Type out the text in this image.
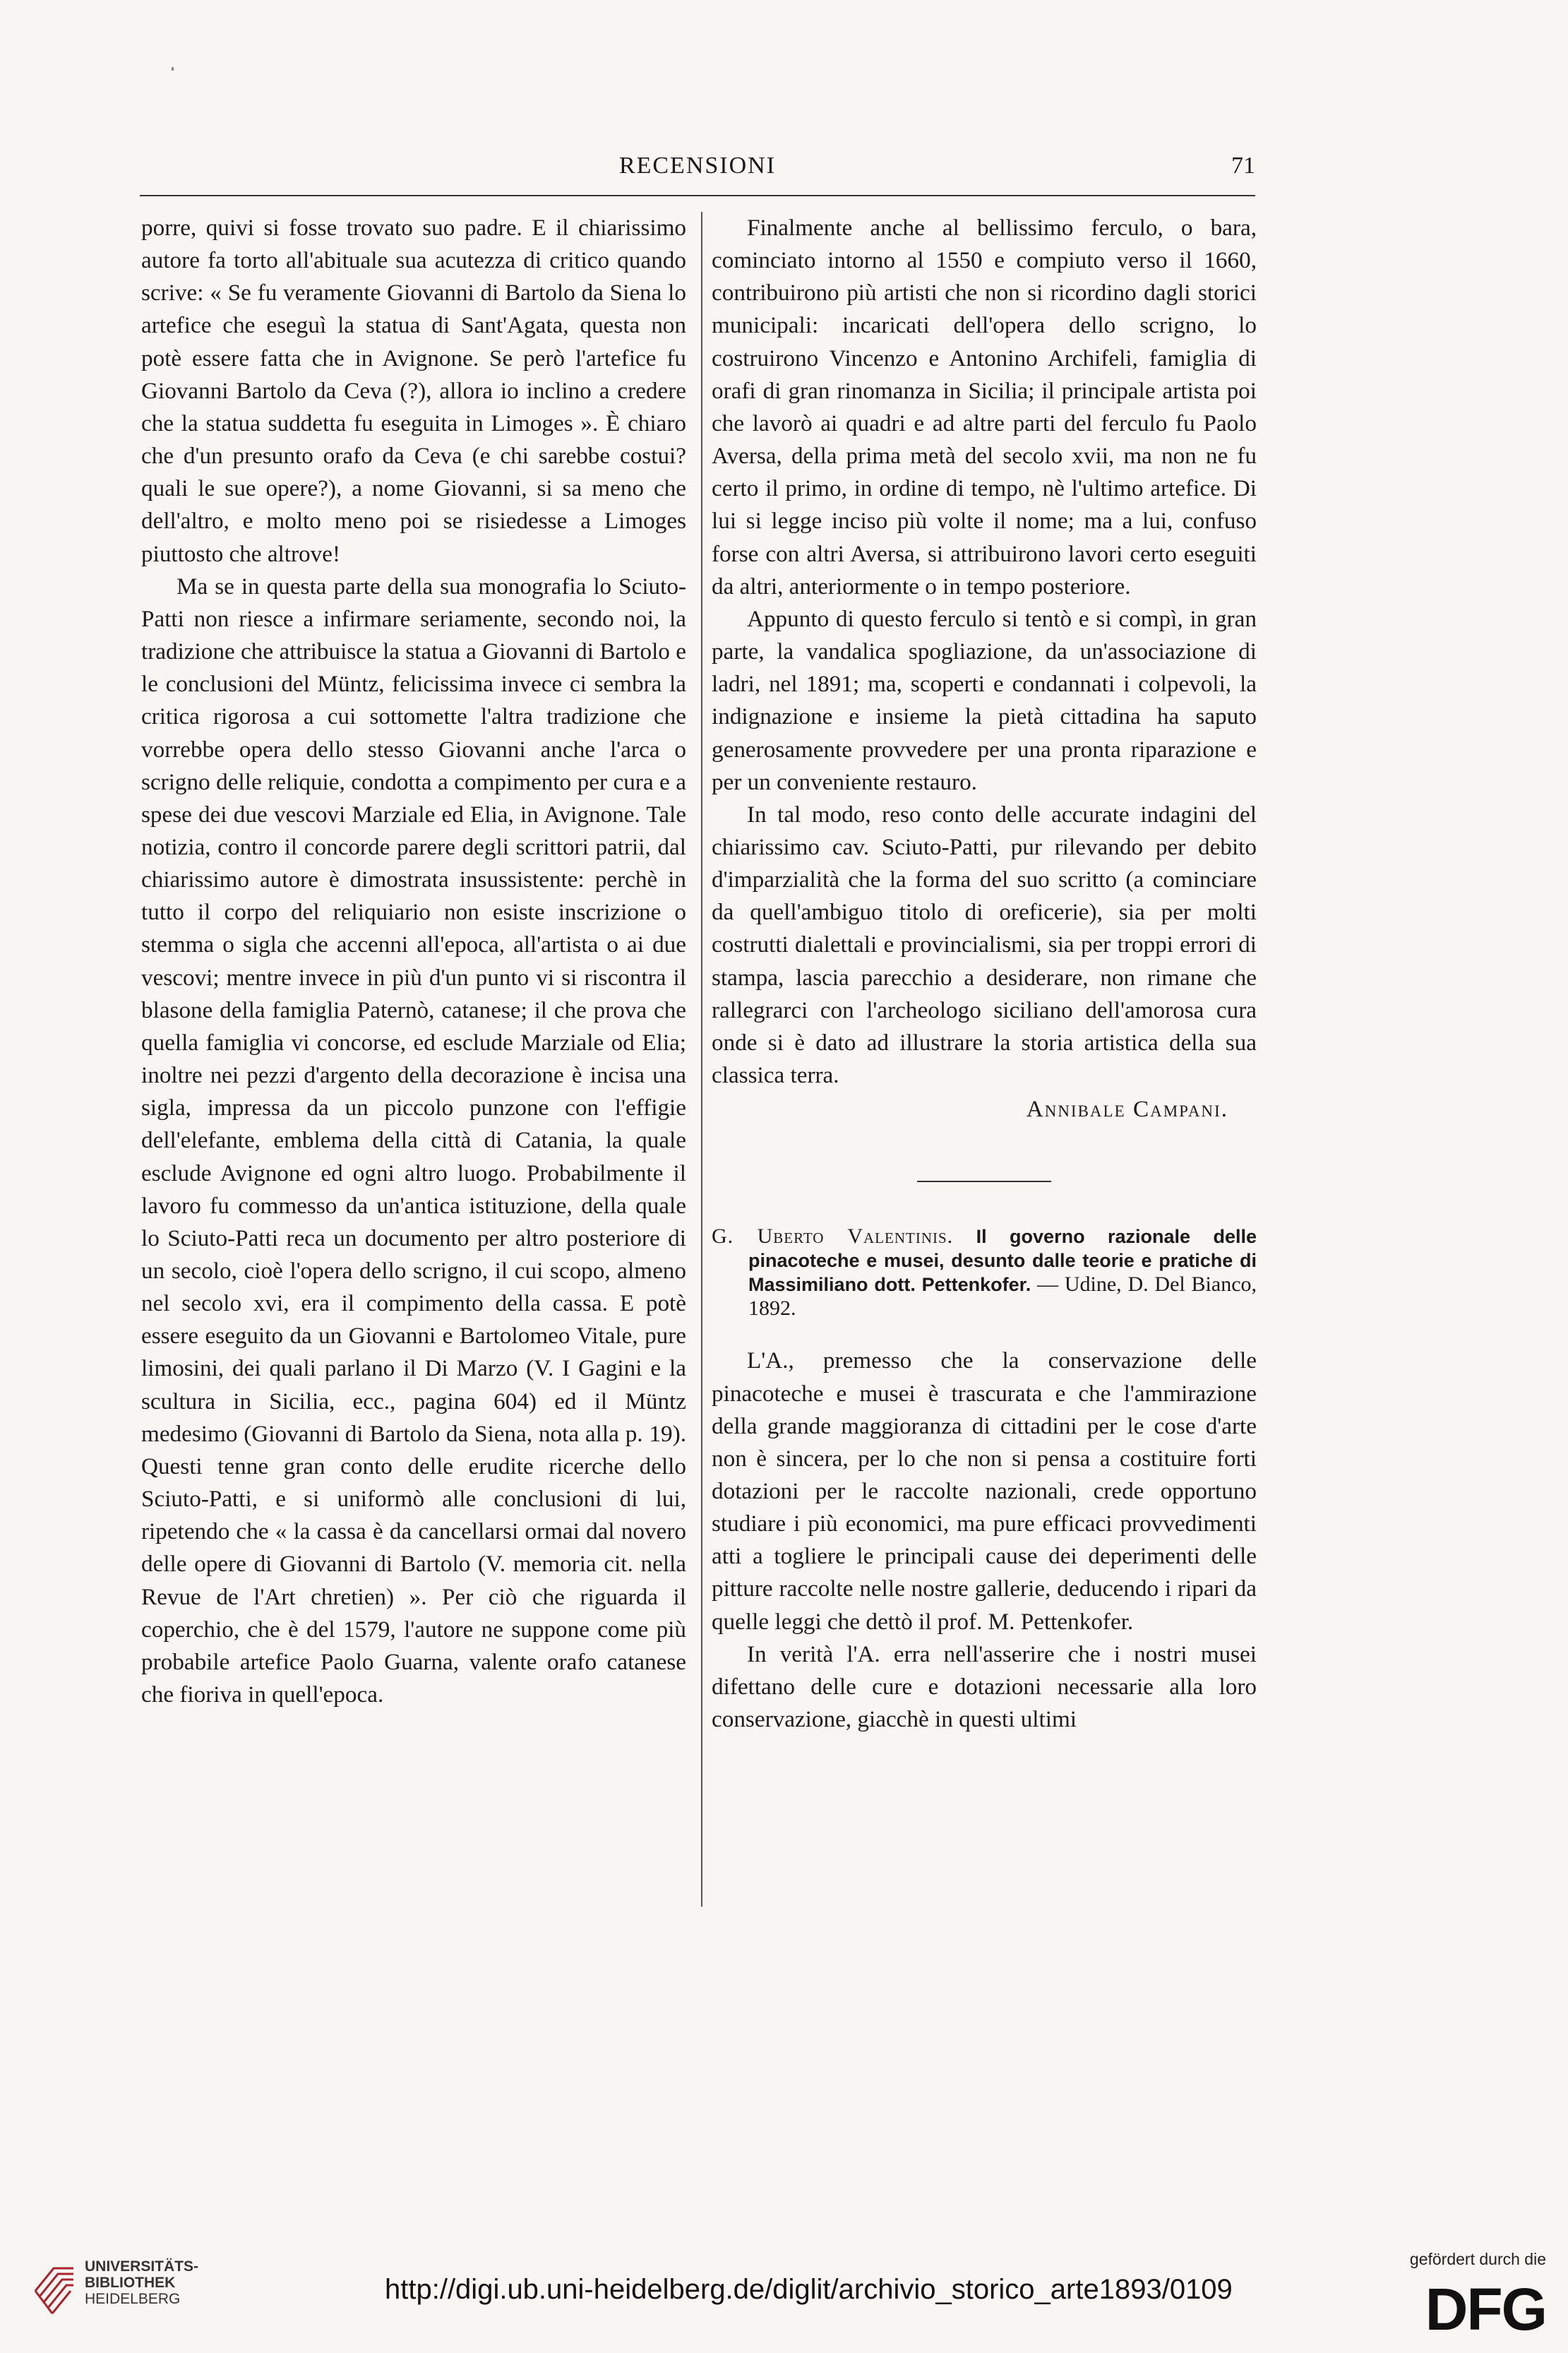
RECENSIONI	71

porre, quivi si fosse trovato suo padre. E il chiarissimo autore fa torto all'abituale sua acutezza di critico quando scrive: « Se fu veramente Giovanni di Bartolo da Siena lo artefice che eseguì la statua di Sant'Agata, questa non potè essere fatta che in Avignone. Se però l'artefice fu Giovanni Bartolo da Ceva (?), allora io inclino a credere che la statua suddetta fu eseguita in Limoges ». È chiaro che d'un presunto orafo da Ceva (e chi sarebbe costui? quali le sue opere?), a nome Giovanni, si sa meno che dell'altro, e molto meno poi se risiedesse a Limoges piuttosto che altrove!

Ma se in questa parte della sua monografia lo Sciuto-Patti non riesce a infirmare seriamente, secondo noi, la tradizione che attribuisce la statua a Giovanni di Bartolo e le conclusioni del Müntz, felicissima invece ci sembra la critica rigorosa a cui sottomette l'altra tradizione che vorrebbe opera dello stesso Giovanni anche l'arca o scrigno delle reliquie, condotta a compimento per cura e a spese dei due vescovi Marziale ed Elia, in Avignone. Tale notizia, contro il concorde parere degli scrittori patrii, dal chiarissimo autore è dimostrata insussistente: perchè in tutto il corpo del reliquiario non esiste inscrizione o stemma o sigla che accenni all'epoca, all'artista o ai due vescovi; mentre invece in più d'un punto vi si riscontra il blasone della famiglia Paternò, catanese; il che prova che quella famiglia vi concorse, ed esclude Marziale od Elia; inoltre nei pezzi d'argento della decorazione è incisa una sigla, impressa da un piccolo punzone con l'effigie dell'elefante, emblema della città di Catania, la quale esclude Avignone ed ogni altro luogo. Probabilmente il lavoro fu commesso da un'antica istituzione, della quale lo Sciuto-Patti reca un documento per altro posteriore di un secolo, cioè l'opera dello scrigno, il cui scopo, almeno nel secolo xvi, era il compimento della cassa. E potè essere eseguito da un Giovanni e Bartolomeo Vitale, pure limosini, dei quali parlano il Di Marzo (V. I Gagini e la scultura in Sicilia, ecc., pagina 604) ed il Müntz medesimo (Giovanni di Bartolo da Siena, nota alla p. 19). Questi tenne gran conto delle erudite ricerche dello Sciuto-Patti, e si uniformò alle conclusioni di lui, ripetendo che « la cassa è da cancellarsi ormai dal novero delle opere di Giovanni di Bartolo (V. memoria cit. nella Revue de l'Art chretien) ». Per ciò che riguarda il coperchio, che è del 1579, l'autore ne suppone come più probabile artefice Paolo Guarna, valente orafo catanese che fioriva in quell'epoca.

Finalmente anche al bellissimo ferculo, o bara, cominciato intorno al 1550 e compiuto verso il 1660, contribuirono più artisti che non si ricordino dagli storici municipali: incaricati dell'opera dello scrigno, lo costruirono Vincenzo e Antonino Archifeli, famiglia di orafi di gran rinomanza in Sicilia; il principale artista poi che lavorò ai quadri e ad altre parti del ferculo fu Paolo Aversa, della prima metà del secolo xvii, ma non ne fu certo il primo, in ordine di tempo, nè l'ultimo artefice. Di lui si legge inciso più volte il nome; ma a lui, confuso forse con altri Aversa, si attribuirono lavori certo eseguiti da altri, anteriormente o in tempo posteriore.

Appunto di questo ferculo si tentò e si compì, in gran parte, la vandalica spogliazione, da un'associazione di ladri, nel 1891; ma, scoperti e condannati i colpevoli, la indignazione e insieme la pietà cittadina ha saputo generosamente provvedere per una pronta riparazione e per un conveniente restauro.

In tal modo, reso conto delle accurate indagini del chiarissimo cav. Sciuto-Patti, pur rilevando per debito d'imparzialità che la forma del suo scritto (a cominciare da quell'ambiguo titolo di oreficerie), sia per molti costrutti dialettali e provincialismi, sia per troppi errori di stampa, lascia parecchio a desiderare, non rimane che rallegrarci con l'archeologo siciliano dell'amorosa cura onde si è dato ad illustrare la storia artistica della sua classica terra.

Annibale Campani.
G. Uberto Valentinis. Il governo razionale delle pinacoteche e musei, desunto dalle teorie e pratiche di Massimiliano dott. Pettenkofer. — Udine, D. Del Bianco, 1892.

L'A., premesso che la conservazione delle pinacoteche e musei è trascurata e che l'ammirazione della grande maggioranza di cittadini per le cose d'arte non è sincera, per lo che non si pensa a costituire forti dotazioni per le raccolte nazionali, crede opportuno studiare i più economici, ma pure efficaci provvedimenti atti a togliere le principali cause dei deperimenti delle pitture raccolte nelle nostre gallerie, deducendo i ripari da quelle leggi che dettò il prof. M. Pettenkofer.

In verità l'A. erra nell'asserire che i nostri musei difettano delle cure e dotazioni necessarie alla loro conservazione, giacchè in questi ultimi

UNIVERSITÄTS-
BIBLIOTHEK
HEIDELBERG	http://digi.ub.uni-heidelberg.de/diglit/archivio_storico_arte1893/0109
gefördert durch die
DFG
